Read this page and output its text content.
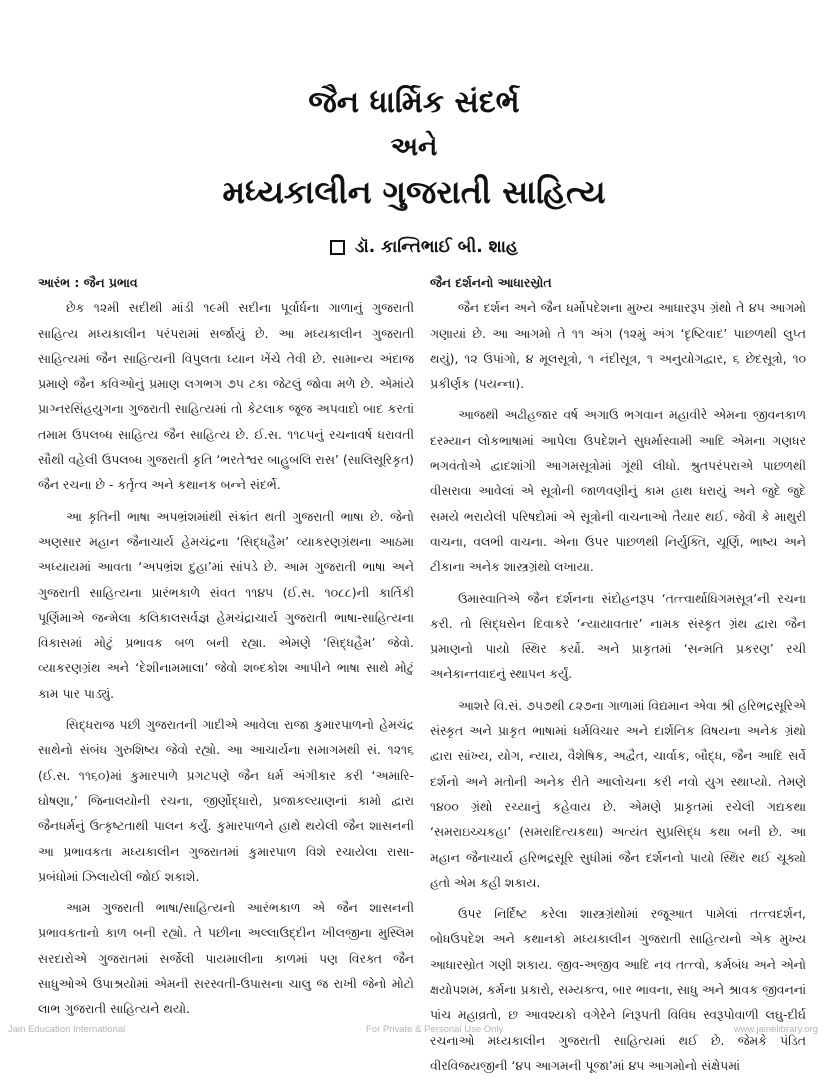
જૈન ધાર્મિક સંદર્ભ
અને
મધ્યકાલીન ગુજરાતી સાહિત્ય
ડૉ. કાન્તિભાઈ બી. શાહ

આરંભ : જૈન પ્રભાવ

છેક ૧૨મી સદીથી માંડી ૧૯મી સદીના પૂર્વાર્ધના ગાળાનું ગુજરાતી સાહિત્ય મધ્યકાલીન પરંપરામાં સર્જાયું છે. આ મધ્યકાલીન ગુજરાતી સાહિત્યમાં જૈન સાહિત્યની વિપુલતા ધ્યાન ખેંચે તેવી છે. સામાન્ય અંદાજ પ્રમાણે જૈન કવિઓનું પ્રમાણ લગભગ ૭૫ ટકા જેટલું જોવા મળે છે. એમાંયે પ્રાગ્નરસિંહયુગના ગુજરાતી સાહિત્યમાં તો કેટલાક જૂજ અપવાદો બાદ કરતાં તમામ ઉપલબ્ધ સાહિત્ય જૈન સાહિત્ય છે. ઈ.સ. ૧૧૮૫નું રચનાવર્ષ ધરાવતી સૌથી વહેલી ઉપલબ્ધ ગુજરાતી કૃતિ ‘ભરતેશ્વર બાહુબલિ રાસ’ (સાલિસૂરિકૃત) જૈન રચના છે - કર્તૃત્વ અને કથાનક બન્ને સંદર્ભે.

આ કૃતિની ભાષા અપભ્રંશમાંથી સંક્રાંત થતી ગુજરાતી ભાષા છે. જેનો અણસાર મહાન જૈનાચાર્ય હેમચંદ્રના ‘સિદ્ધહૈમ’ વ્યાકરણગ્રંથના આઠમા અધ્યાયમાં આવતા ‘અપભ્રંશ દુહા’માં સાંપડે છે. આમ ગુજરાતી ભાષા અને ગુજરાતી સાહિત્યના પ્રારંભકાળે સંવત ૧૧૪૫ (ઈ.સ. ૧૦૮૮)ની કાર્તિકી પૂર્ણિમાએ જન્મેલા કલિકાલસર્વજ્ઞ હેમચંદ્રાચાર્ય ગુજરાતી ભાષા-સાહિત્યના વિકાસમાં મોટું પ્રભાવક બળ બની રહ્યા. એમણે ‘સિદ્ધહૈમ’ જેવો. વ્યાકરણગ્રંથ અને ‘દેશીનામમાલા’ જેવો શબ્દકોશ આપીને ભાષા સાથે મોટું કામ પાર પાડ્યું.

સિદ્ધરાજ પછી ગુજરાતની ગાદીએ આવેલા રાજા કુમારપાળનો હેમચંદ્ર સાથેનો સંબંધ ગુરુશિષ્ય જેવો રહ્યો. આ આચાર્યના સમાગમથી સં. ૧૨૧૬ (ઈ.સ. ૧૧૬૦)માં કુમારપાળે પ્રગટપણે જૈન ધર્મ અંગીકાર કરી ‘અમારિ-ઘોષણા,’ જિનાલયોની રચના, જીર્ણોદ્ધારો, પ્રજાકલ્યાણનાં કામો દ્વારા જૈનધર્મનું ઉત્કૃષ્ટતાથી પાલન કર્યું. કુમારપાળને હાથે થયેલી જૈન શાસનની આ પ્રભાવકતા મધ્યકાલીન ગુજરાતમાં કુમારપાળ વિશે રચાયેલા રાસા-પ્રબંધોમાં ઝિલાયેલી જોઈ શકાશે.

આમ ગુજરાતી ભાષા/સાહિત્યનો આરંભકાળ એ જૈન શાસનની પ્રભાવકતાનો કાળ બની રહ્યો. તે પછીના અલ્લાઉદ્દીન ખીલજીના મુસ્લિમ સરદારોએ ગુજરાતમાં સર્જેલી પાયમાલીના કાળમાં પણ વિરક્ત જૈન સાધુઓએ ઉપાશ્રયોમાં એમની સરસ્વતી-ઉપાસના ચાલુ જ રાખી જેનો મોટો લાભ ગુજરાતી સાહિત્યને થયો.

જૈન દર્શનનો આધારસ્રોત

જૈન દર્શન અને જૈન ધર્મોપદેશના મુખ્ય આધારરૂપ ગ્રંથો તે ૪૫ આગમો ગણાયાં છે. આ આગમો તે ૧૧ અંગ (૧૨મું અંગ ‘દૃષ્ટિવાદ’ પાછળથી લુપ્ત થયું), ૧૨ ઉપાંગો, ૪ મૂલસૂત્રો, ૧ નંદીસૂત્ર, ૧ અનુયોગદ્વાર, ૬ છેદસૂત્રો, ૧૦ પ્રકીર્ણક (પયન્ના).

આજથી અઢીહજાર વર્ષ અગાઉ ભગવાન મહાવીરે એમના જીવનકાળ દરમ્યાન લોકભાષામાં આપેલા ઉપદેશને સુધર્માસ્વામી આદિ એમના ગણધર ભગવંતોએ દ્વાદશાંગી આગમસૂત્રોમાં ગૂંથી લીધો. શ્રુતપરંપરાએ પાછળથી વીસરાવા આવેલાં એ સૂત્રોની જાળવણીનું કામ હાથ ધરાયું અને જુદે જુદે સમયે ભરાયેલી પરિષદોમાં એ સૂત્રોની વાચનાઓ તૈયાર થઈ. જેવી કે માથુરી વાચના, વલભી વાચના. એના ઉપર પાછળથી નિર્યુક્તિ, ચૂર્ણિ, ભાષ્ય અને ટીકાના અનેક શાસ્ત્રગ્રંથો લખાયા.

ઉમાસ્વાતિએ જૈન દર્શનના સંદોહનરૂપ ‘તત્ત્વાર્થાધિગમસૂત્ર’ની રચના કરી. તો સિદ્ધસેન દિવાકરે ‘ન્યાયાવતાર’ નામક સંસ્કૃત ગ્રંથ દ્વારા જૈન પ્રમાણનો પાયો સ્થિર કર્યો. અને પ્રાકૃતમાં ‘સન્મતિ પ્રકરણ’ રચી અનેકાન્તવાદનું સ્થાપન કર્યું.

આશરે વિ.સં. ૭૫૭થી ૮૨૭ના ગાળામાં વિદ્યમાન એવા શ્રી હરિભદ્રસૂરિએ સંસ્કૃત અને પ્રાકૃત ભાષામાં ધર્મવિચાર અને દાર્શનિક વિષયના અનેક ગ્રંથો દ્વારા સાંખ્ય, યોગ, ન્યાય, વૈશેષિક, અદ્વૈત, ચાર્વાક, બૌદ્ધ, જૈન આદિ સર્વે દર્શનો અને મતોની અનેક રીતે આલોચના કરી નવો યુગ સ્થાપ્યો. તેમણે ૧૪૦૦ ગ્રંથો રચ્યાનું કહેવાય છે. એમણે પ્રાકૃતમાં રચેલી ગદ્યકથા ‘સમરાઇચ્ચકહા’ (સમરાદિત્યકથા) અત્યંત સુપ્રસિદ્ધ કથા બની છે. આ મહાન જૈનાચાર્ય હરિભદ્રસૂરિ સુધીમાં જૈન દર્શનનો પાયો સ્થિર થઈ ચૂક્યો હતો એમ કહી શકાય.

ઉપર નિર્દિષ્ટ કરેલા શાસ્ત્રગ્રંથોમાં રજૂઆત પામેલાં તત્ત્વદર્શન, બોધઉપદેશ અને કથાનકો મધ્યકાલીન ગુજરાતી સાહિત્યનો એક મુખ્ય આધારસ્રોત ગણી શકાય. જીવ-અજીવ આદિ નવ તત્ત્વો, કર્મબંધ અને એનો ક્ષયોપશમ, કર્મના પ્રકારો, સમ્યક્ત્વ, બાર ભાવના, સાધુ અને શ્રાવક જીવનનાં પાંચ મહાવ્રતો, છ આવશ્યકો વગેરેને નિરૂપતી વિવિધ સ્વરૂપોવાળી લઘુ-દીર્ઘ રચનાઓ મધ્યકાલીન ગુજરાતી સાહિત્યમાં થઈ છે. જેમકે પંડિત વીરવિજયજીની ‘૪૫ આગમની પૂજા’માં ૪૫ આગમોનો સંક્ષેપમાં

Jain Education International	For Private & Personal Use Only	www.jainelibrary.org
